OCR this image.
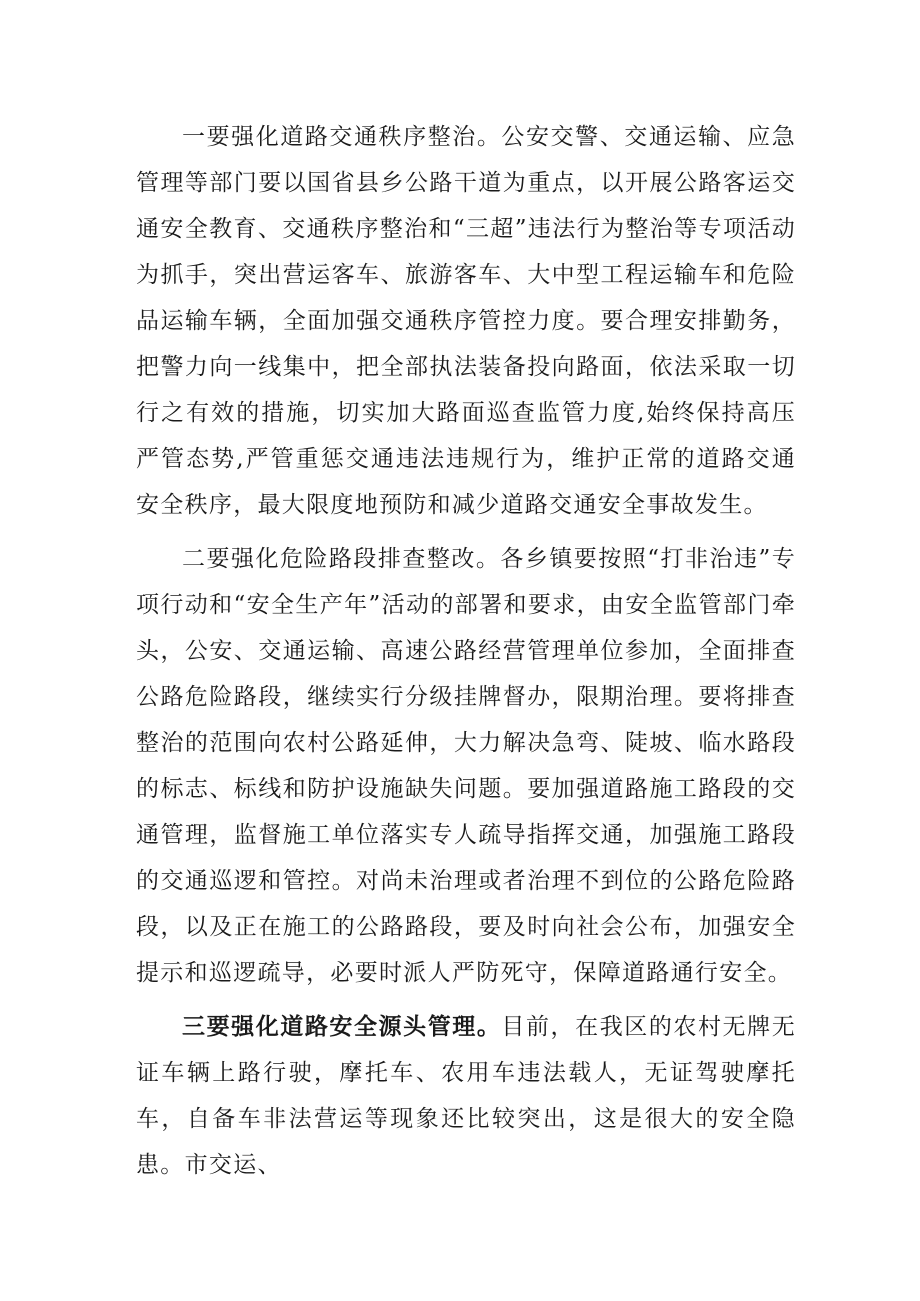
一要强化道路交通秩序整治。公安交警、交通运输、应急管理等部门要以国省县乡公路干道为重点，以开展公路客运交通安全教育、交通秩序整治和“三超”违法行为整治等专项活动为抓手，突出营运客车、旅游客车、大中型工程运输车和危险品运输车辆，全面加强交通秩序管控力度。要合理安排勤务，把警力向一线集中，把全部执法装备投向路面，依法采取一切行之有效的措施，切实加大路面巡查监管力度,始终保持高压严管态势,严管重惩交通违法违规行为，维护正常的道路交通安全秩序，最大限度地预防和减少道路交通安全事故发生。

二要强化危险路段排查整改。各乡镇要按照“打非治违”专项行动和“安全生产年”活动的部署和要求，由安全监管部门牵头，公安、交通运输、高速公路经营管理单位参加，全面排查公路危险路段，继续实行分级挂牌督办，限期治理。要将排查整治的范围向农村公路延伸，大力解决急弯、陡坡、临水路段的标志、标线和防护设施缺失问题。要加强道路施工路段的交通管理，监督施工单位落实专人疏导指挥交通，加强施工路段的交通巡逻和管控。对尚未治理或者治理不到位的公路危险路段，以及正在施工的公路路段，要及时向社会公布，加强安全提示和巡逻疏导，必要时派人严防死守，保障道路通行安全。

三要强化道路安全源头管理。目前，在我区的农村无牌无证车辆上路行驶，摩托车、农用车违法载人，无证驾驶摩托车，自备车非法营运等现象还比较突出，这是很大的安全隐患。市交运、
